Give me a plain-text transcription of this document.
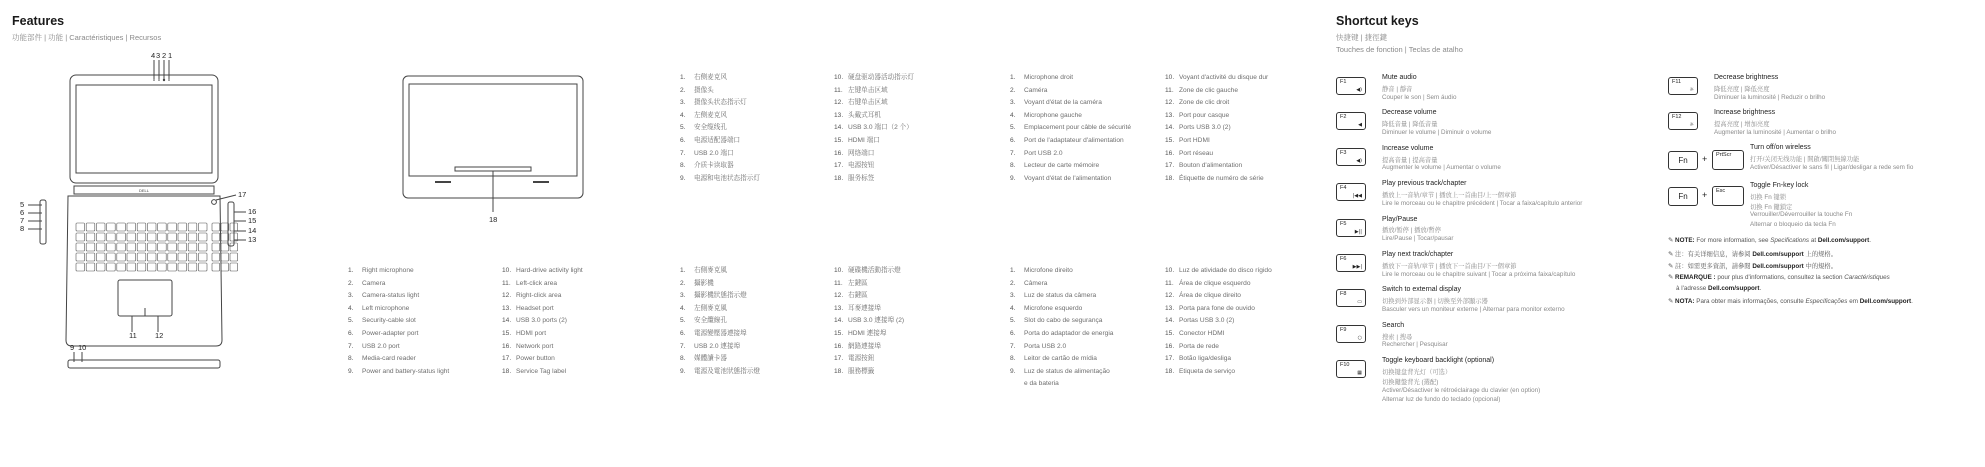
Features
功能部件 | 功能 | Caractéristiques | Recursos
4 3 2 1
DELL	17
11 12
5
6
7
8
16
15
14
13
9 10
18
1. Right microphone
2. Camera
3. Camera-status light
4. Left microphone
5. Security-cable slot
6. Power-adapter port
7. USB 2.0 port
8. Media-card reader
9. Power and battery-status light
10. Hard-drive activity light
11. Left-click area
12. Right-click area
13. Headset port
14. USB 3.0 ports (2)
15. HDMI port
16. Network port
17. Power button
18. Service Tag label
1. 右侧麦克风
2. 摄像头
3. 摄像头状态指示灯
4. 左侧麦克风
5. 安全缆线孔
6. 电源适配器端口
7. USB 2.0 端口
8. 介质卡读取器
9. 电源和电池状态指示灯
10. 硬盘驱动器活动指示灯
11. 左键单击区域
12. 右键单击区域
13. 头戴式耳机
14. USB 3.0 端口（2 个）
15. HDMI 端口
16. 网络端口
17. 电源按钮
18. 服务标签
1. 右側麥克風
2. 攝影機
3. 攝影機狀態指示燈
4. 左側麥克風
5. 安全纜線孔
6. 電源變壓器連接埠
7. USB 2.0 連接埠
8. 媒體讀卡器
9. 電源及電池狀態指示燈
10. 硬碟機活動指示燈
11. 左鍵區
12. 右鍵區
13. 耳麥連接埠
14. USB 3.0 連接埠 (2)
15. HDMI 連接埠
16. 網路連接埠
17. 電源按鈕
18. 服務標籤
1. Microphone droit
2. Caméra
3. Voyant d'état de la caméra
4. Microphone gauche
5. Emplacement pour câble de sécurité
6. Port de l'adaptateur d'alimentation
7. Port USB 2.0
8. Lecteur de carte mémoire
9. Voyant d'état de l'alimentation
10. Voyant d'activité du disque dur
11. Zone de clic gauche
12. Zone de clic droit
13. Port pour casque
14. Ports USB 3.0 (2)
15. Port HDMI
16. Port réseau
17. Bouton d'alimentation
18. Étiquette de numéro de série
1. Microfone direito
2. Câmera
3. Luz de status da câmera
4. Microfone esquerdo
5. Slot do cabo de segurança
6. Porta do adaptador de energia
7. Porta USB 2.0
8. Leitor de cartão de mídia
9. Luz de status de alimentação
e da bateria
10. Luz de atividade do disco rígido
11. Área de clique esquerdo
12. Área de clique direito
13. Porta para fone de ouvido
14. Portas USB 3.0 (2)
15. Conector HDMI
16. Porta de rede
17. Botão liga/desliga
18. Etiqueta de serviço
Shortcut keys
快捷键 | 捷徑鍵
Touches de fonction | Teclas de atalho
F1
◀)
Mute audio
静音 | 靜音
Couper le son | Sem áudio
F2
◀
Decrease volume
降低音量 | 降低音量
Diminuer le volume | Diminuir o volume
F3
◀)
Increase volume
提高音量 | 提高音量
Augmenter le volume | Aumentar o volume
F4
|◀◀
Play previous track/chapter
播放上一音轨/章节 | 播放上一首曲目/上一個章節
Lire le morceau ou le chapitre précédent | Tocar a faixa/capítulo anterior
F5
▶||
Play/Pause
播放/暂停 | 播放/暫停
Lire/Pause | Tocar/pausar
F6
▶▶|
Play next track/chapter
播放下一音轨/章节 | 播放下一首曲目/下一個章節
Lire le morceau ou le chapitre suivant | Tocar a próxima faixa/capítulo
F8
▭
Switch to external display
切换到外部显示器 | 切換至外部顯示器
Basculer vers un moniteur externe | Alternar para monitor externo
F9
○
Search
搜索 | 搜尋
Rechercher | Pesquisar
F10
▦
Toggle keyboard backlight (optional)
切换键盘背光灯（可选）
切換鍵盤背光 (選配)
Activer/Désactiver le rétroéclairage du clavier (en option)
Alternar luz de fundo do teclado (opcional)
F11
☼
Decrease brightness
降低亮度 | 降低亮度
Diminuer la luminosité | Reduzir o brilho
F12
☼
Increase brightness
提高亮度 | 增加亮度
Augmenter la luminosité | Aumentar o brilho
Fn	+ PrtScr
Turn off/on wireless
打开/关闭无线功能 | 開啟/關閉無線功能
Activer/Désactiver le sans fil | Ligar/desligar a rede sem fio
Fn	+ Esc
Toggle Fn-key lock
切换 Fn 键锁
切換 Fn 鍵鎖定
Verrouiller/Déverrouiller la touche Fn
Alternar o bloqueio da tecla Fn
✎ NOTE: For more information, see Specifications at Dell.com/support.
✎ 注：有关详细信息，请参阅 Dell.com/support 上的规格。
✎ 註：如需更多資訊，請參閱 Dell.com/support 中的規格。
✎ REMARQUE : pour plus d'informations, consultez la section Caractéristiques
à l'adresse Dell.com/support.
✎ NOTA: Para obter mais informações, consulte Especificações em Dell.com/support.
